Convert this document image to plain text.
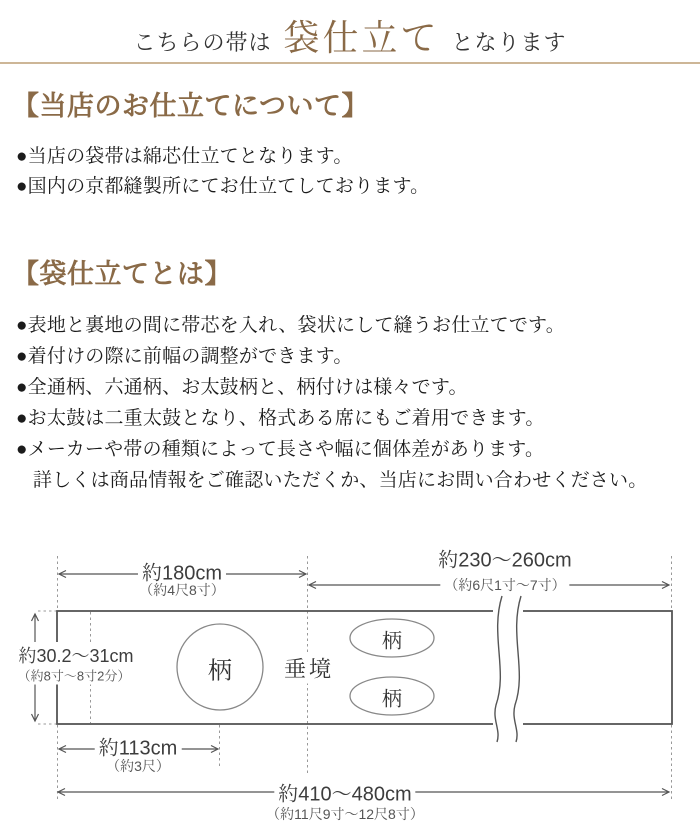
こちらの帯は 袋仕立て となります
【当店のお仕立てについて】
●当店の袋帯は綿芯仕立てとなります。
●国内の京都縫製所にてお仕立てしております。
【袋仕立てとは】
●表地と裏地の間に帯芯を入れ、袋状にして縫うお仕立てです。
●着付けの際に前幅の調整ができます。
●全通柄、六通柄、お太鼓柄と、柄付けは様々です。
●お太鼓は二重太鼓となり、格式ある席にもご着用できます。
●メーカーや帯の種類によって長さや幅に個体差があります。
詳しくは商品情報をご確認いただくか、当店にお問い合わせください。
約180cm
（約4尺8寸）
約230〜260cm
（約6尺1寸〜7寸）
約30.2〜31cm
（約8寸〜8寸2分）	柄 垂境
柄
柄
約113cm
（約3尺）
約410〜480cm
（約11尺9寸〜12尺8寸）
